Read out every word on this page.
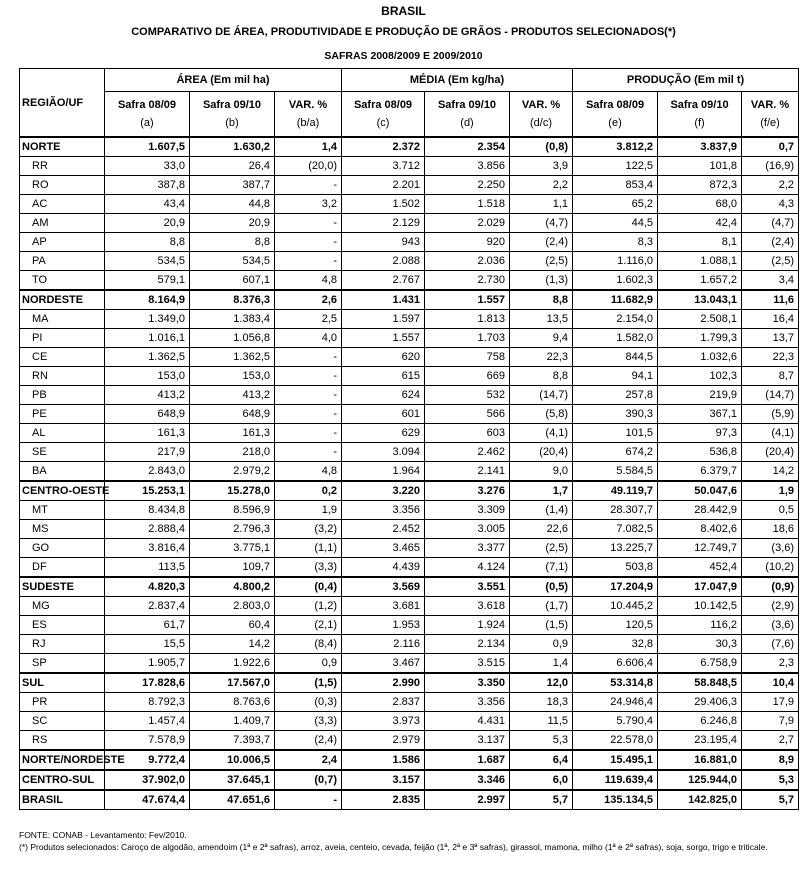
BRASIL
COMPARATIVO DE ÁREA, PRODUTIVIDADE E PRODUÇÃO DE GRÃOS - PRODUTOS SELECIONADOS(*)
SAFRAS 2008/2009 E 2009/2010
REGIÃO/UF	ÁREA (Em mil ha)			MÉDIA (Em kg/ha)			PRODUÇÃO (Em mil t)		
	Safra 08/09	Safra 09/10	VAR. %	Safra 08/09	Safra 09/10	VAR. %	Safra 08/09	Safra 09/10	VAR. %
	(a)	(b)	(b/a)	(c)	(d)	(d/c)	(e)	(f)	(f/e)
NORTE	1.607,5	1.630,2	1,4	2.372	2.354	(0,8)	3.812,2	3.837,9	0,7
RR	33,0	26,4	(20,0)	3.712	3.856	3,9	122,5	101,8	(16,9)
RO	387,8	387,7	-	2.201	2.250	2,2	853,4	872,3	2,2
AC	43,4	44,8	3,2	1.502	1.518	1,1	65,2	68,0	4,3
AM	20,9	20,9	-	2.129	2.029	(4,7)	44,5	42,4	(4,7)
AP	8,8	8,8	-	943	920	(2,4)	8,3	8,1	(2,4)
PA	534,5	534,5	-	2.088	2.036	(2,5)	1.116,0	1.088,1	(2,5)
TO	579,1	607,1	4,8	2.767	2.730	(1,3)	1.602,3	1.657,2	3,4
NORDESTE	8.164,9	8.376,3	2,6	1.431	1.557	8,8	11.682,9	13.043,1	11,6
MA	1.349,0	1.383,4	2,5	1.597	1.813	13,5	2.154,0	2.508,1	16,4
PI	1.016,1	1.056,8	4,0	1.557	1.703	9,4	1.582,0	1.799,3	13,7
CE	1.362,5	1.362,5	-	620	758	22,3	844,5	1.032,6	22,3
RN	153,0	153,0	-	615	669	8,8	94,1	102,3	8,7
PB	413,2	413,2	-	624	532	(14,7)	257,8	219,9	(14,7)
PE	648,9	648,9	-	601	566	(5,8)	390,3	367,1	(5,9)
AL	161,3	161,3	-	629	603	(4,1)	101,5	97,3	(4,1)
SE	217,9	218,0	-	3.094	2.462	(20,4)	674,2	536,8	(20,4)
BA	2.843,0	2.979,2	4,8	1.964	2.141	9,0	5.584,5	6.379,7	14,2
CENTRO-OESTE	15.253,1	15.278,0	0,2	3.220	3.276	1,7	49.119,7	50.047,6	1,9
MT	8.434,8	8.596,9	1,9	3.356	3.309	(1,4)	28.307,7	28.442,9	0,5
MS	2.888,4	2.796,3	(3,2)	2.452	3.005	22,6	7.082,5	8.402,6	18,6
GO	3.816,4	3.775,1	(1,1)	3.465	3.377	(2,5)	13.225,7	12.749,7	(3,6)
DF	113,5	109,7	(3,3)	4.439	4.124	(7,1)	503,8	452,4	(10,2)
SUDESTE	4.820,3	4.800,2	(0,4)	3.569	3.551	(0,5)	17.204,9	17.047,9	(0,9)
MG	2.837,4	2.803,0	(1,2)	3.681	3.618	(1,7)	10.445,2	10.142,5	(2,9)
ES	61,7	60,4	(2,1)	1.953	1.924	(1,5)	120,5	116,2	(3,6)
RJ	15,5	14,2	(8,4)	2.116	2.134	0,9	32,8	30,3	(7,6)
SP	1.905,7	1.922,6	0,9	3.467	3.515	1,4	6.606,4	6.758,9	2,3
SUL	17.828,6	17.567,0	(1,5)	2.990	3.350	12,0	53.314,8	58.848,5	10,4
PR	8.792,3	8.763,6	(0,3)	2.837	3.356	18,3	24.946,4	29.406,3	17,9
SC	1.457,4	1.409,7	(3,3)	3.973	4.431	11,5	5.790,4	6.246,8	7,9
RS	7.578,9	7.393,7	(2,4)	2.979	3.137	5,3	22.578,0	23.195,4	2,7
NORTE/NORDESTE	9.772,4	10.006,5	2,4	1.586	1.687	6,4	15.495,1	16.881,0	8,9
CENTRO-SUL	37.902,0	37.645,1	(0,7)	3.157	3.346	6,0	119.639,4	125.944,0	5,3
BRASIL	47.674,4	47.651,6	-	2.835	2.997	5,7	135.134,5	142.825,0	5,7
FONTE: CONAB - Levantamento: Fev/2010.
(*) Produtos selecionados: Caroço de algodão, amendoim (1ª e 2ª safras), arroz, aveia, centeio, cevada, feijão (1ª, 2ª e 3ª safras), girassol, mamona, milho (1ª e 2ª safras), soja, sorgo, trigo e triticale.
